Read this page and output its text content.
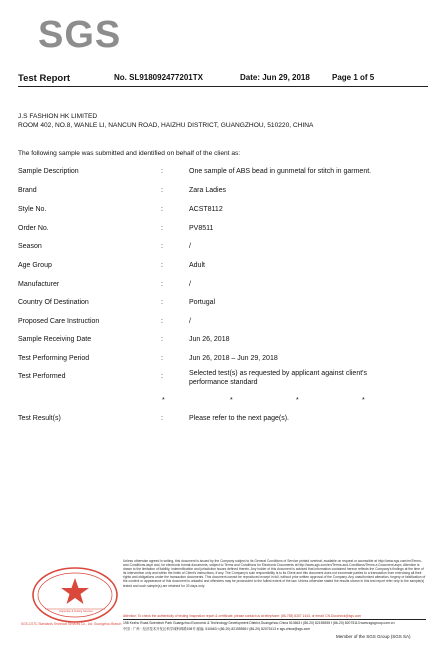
SGS
Test Report	No. SL918092477201TX	Date: Jun 29, 2018	Page 1 of 5
J.S FASHION HK LIMITED
ROOM 402, NO.8, WANLE LI, NANCUN ROAD, HAIZHU DISTRICT, GUANGZHOU, 510220, CHINA
The following sample was submitted and identified on behalf of the client as:
Sample Description	:	One sample of ABS bead in gunmetal for stitch in garment.
Brand	:	Zara Ladies
Style No.	:	ACST8112
Order No.	:	PV8511
Season	:	/
Age Group	:	Adult
Manufacturer	:	/
Country Of Destination	:	Portugal
Proposed Care Instruction	:	/
Sample Receiving Date	:	Jun 26, 2018
Test Performing Period	:	Jun 26, 2018 – Jun 29, 2018
Test Performed	:	Selected test(s) as requested by applicant against client's
performance standard
*	*	*	*
Test Result(s)	:	Please refer to the next page(s).
Inspection & Testing Services
SGS-CSTC Standards Technical Services Co., Ltd. Guangzhou Branch
Unless otherwise agreed in writing, this document is issued by the Company subject to its General Conditions of Service printed overleaf, available on request or accessible at http://www.sgs.com/en/Terms-and-Conditions.aspx and, for electronic format documents, subject to Terms and Conditions for Electronic Documents at http://www.sgs.com/en/Terms-and-Conditions/Terms-e-Document.aspx. Attention is drawn to the limitation of liability, indemnification and jurisdiction issues defined therein. Any holder of this document is advised that information contained hereon reflects the Company's findings at the time of its intervention only and within the limits of Client's instructions, if any. The Company's sole responsibility is to its Client and this document does not exonerate parties to a transaction from exercising all their rights and obligations under the transaction documents. This document cannot be reproduced except in full, without prior written approval of the Company. Any unauthorized alteration, forgery or falsification of the content or appearance of this document is unlawful and offenders may be prosecuted to the fullest extent of the law. Unless otherwise stated the results shown in this test report refer only to the sample(s) tested and such sample(s) are retained for 30 days only.
Attention: To check the authenticity of testing /inspection report & certificate, please contact us at telephone: (86-755) 8307 1443, or email: CN.Doccheck@sgs.com
198 Kezhu Road,Scientech Park Guangzhou Economic & Technology Development District,Guangzhou,China 510663 t (86-20) 82155555 f (86-20) 82075113 www.sgsgroup.com.cn
中国 · 广州 · 经济技术开发区科学城科珠路198号 邮编: 510663 t (86-20) 82155555 f (86-20) 82075113 e sgs.china@sgs.com
Member of the SGS Group (SGS SA)
